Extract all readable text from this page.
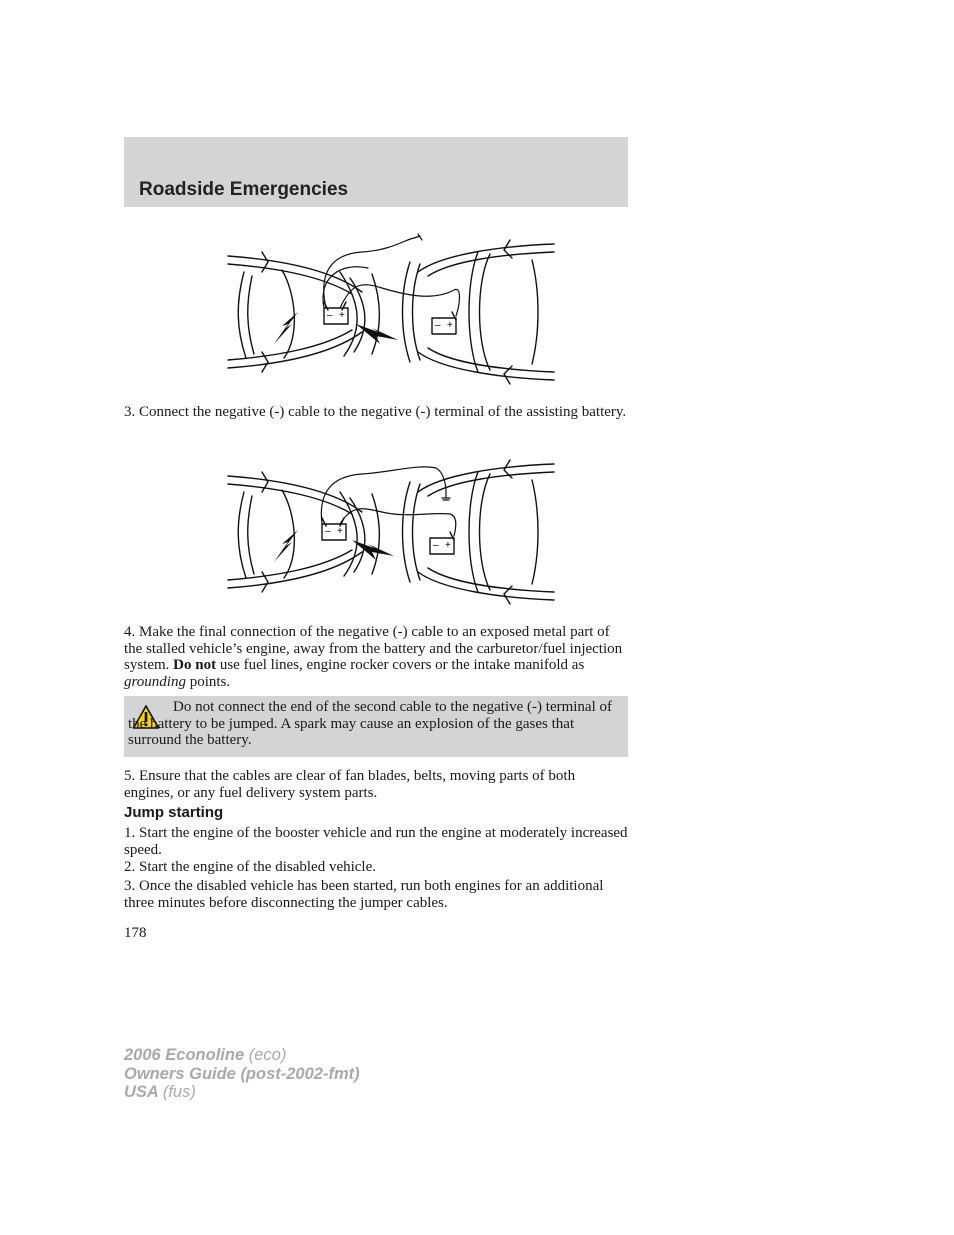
Roadside Emergencies
– +
– +

3. Connect the negative (-) cable to the negative (-) terminal of the assisting battery.

– +
– +

4. Make the final connection of the negative (-) cable to an exposed metal part of the stalled vehicle’s engine, away from the battery and the carburetor/fuel injection system. Do not use fuel lines, engine rocker covers or the intake manifold as grounding points.

Do not connect the end of the second cable to the negative (-) terminal of the battery to be jumped. A spark may cause an explosion of the gases that surround the battery.

5. Ensure that the cables are clear of fan blades, belts, moving parts of both engines, or any fuel delivery system parts.

Jump starting

1. Start the engine of the booster vehicle and run the engine at moderately increased speed.

2. Start the engine of the disabled vehicle.

3. Once the disabled vehicle has been started, run both engines for an additional three minutes before disconnecting the jumper cables.

178

2006 Econoline (eco)
Owners Guide (post-2002-fmt)
USA (fus)
